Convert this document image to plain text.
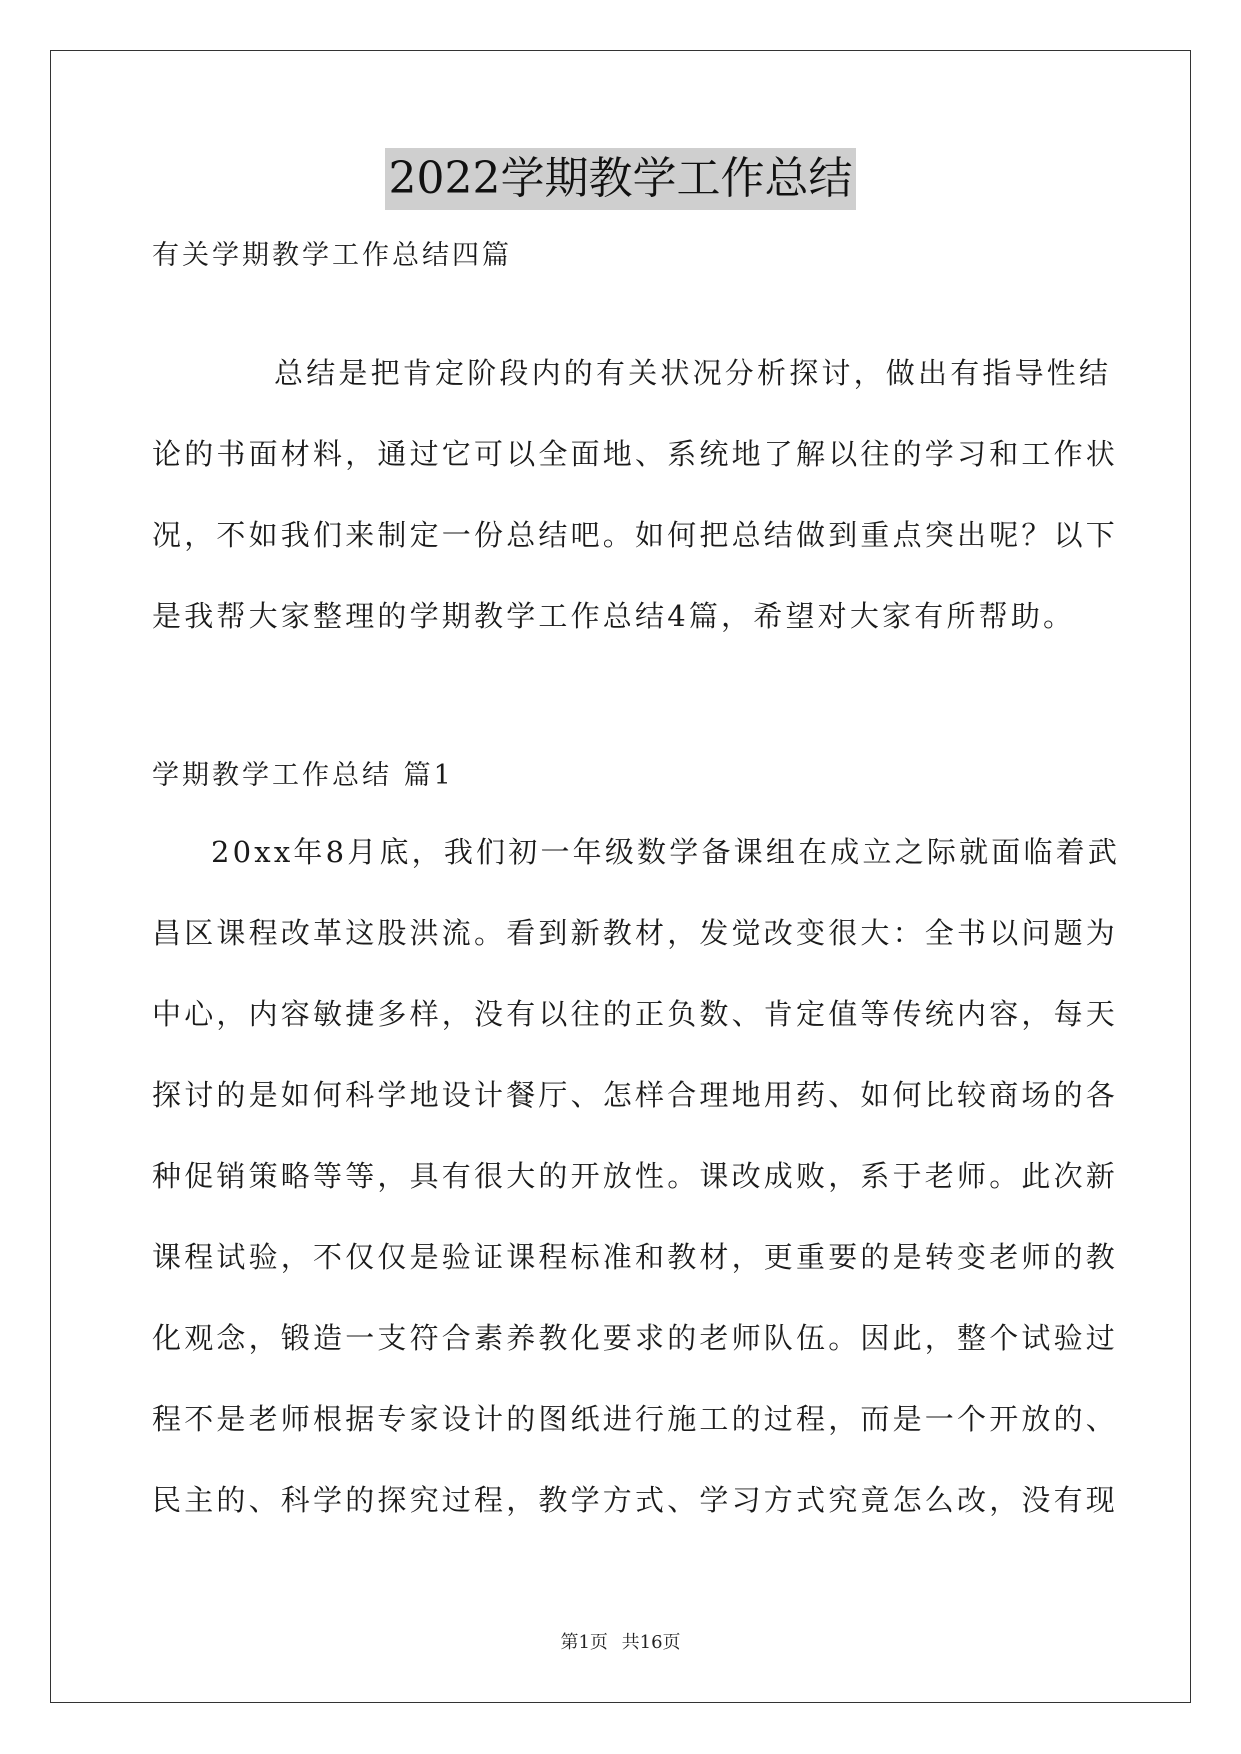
2022学期教学工作总结
有关学期教学工作总结四篇
总结是把肯定阶段内的有关状况分析探讨，做出有指导性结
论的书面材料，通过它可以全面地、系统地了解以往的学习和工作状
况，不如我们来制定一份总结吧。如何把总结做到重点突出呢？以下
是我帮大家整理的学期教学工作总结4篇，希望对大家有所帮助。
学期教学工作总结 篇1
20xx年8月底，我们初一年级数学备课组在成立之际就面临着武
昌区课程改革这股洪流。看到新教材，发觉改变很大：全书以问题为
中心，内容敏捷多样，没有以往的正负数、肯定值等传统内容，每天
探讨的是如何科学地设计餐厅、怎样合理地用药、如何比较商场的各
种促销策略等等，具有很大的开放性。课改成败，系于老师。此次新
课程试验，不仅仅是验证课程标准和教材，更重要的是转变老师的教
化观念，锻造一支符合素养教化要求的老师队伍。因此，整个试验过
程不是老师根据专家设计的图纸进行施工的过程，而是一个开放的、
民主的、科学的探究过程，教学方式、学习方式究竟怎么改，没有现
第1页 共16页
